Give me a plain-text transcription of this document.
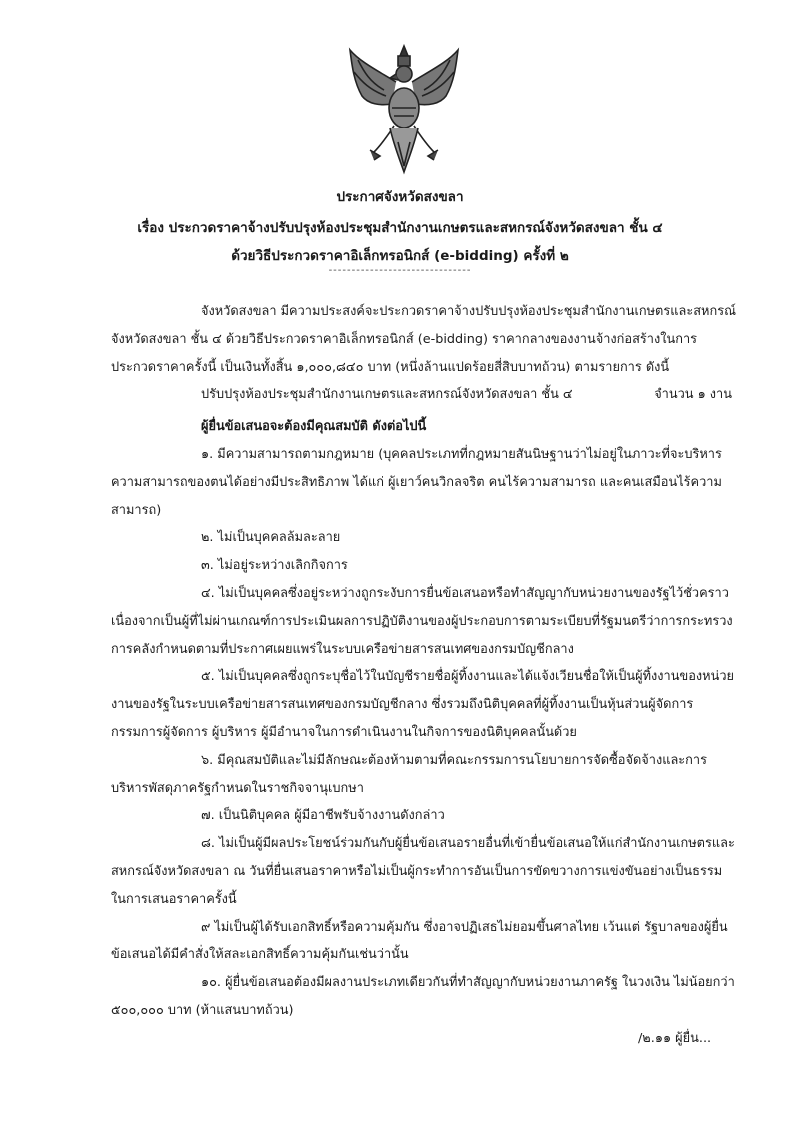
ประกาศจังหวัดสงขลา
เรื่อง ประกวดราคาจ้างปรับปรุงห้องประชุมสำนักงานเกษตรและสหกรณ์จังหวัดสงขลา ชั้น ๔
ด้วยวิธีประกวดราคาอิเล็กทรอนิกส์ (e-bidding) ครั้งที่ ๒
-------------------------------

จังหวัดสงขลา มีความประสงค์จะประกวดราคาจ้างปรับปรุงห้องประชุมสำนักงานเกษตรและสหกรณ์จังหวัดสงขลา ชั้น ๔ ด้วยวิธีประกวดราคาอิเล็กทรอนิกส์ (e-bidding) ราคากลางของงานจ้างก่อสร้างในการประกวดราคาครั้งนี้ เป็นเงินทั้งสิ้น ๑,๐๐๐,๘๔๐ บาท (หนึ่งล้านแปดร้อยสี่สิบบาทถ้วน) ตามรายการ ดังนี้

ปรับปรุงห้องประชุมสำนักงานเกษตรและสหกรณ์จังหวัดสงขลา ชั้น ๔	จำนวน ๑ งาน

ผู้ยื่นข้อเสนอจะต้องมีคุณสมบัติ ดังต่อไปนี้

๑. มีความสามารถตามกฎหมาย (บุคคลประเภทที่กฎหมายสันนิษฐานว่าไม่อยู่ในภาวะที่จะบริหารความสามารถของตนได้อย่างมีประสิทธิภาพ ได้แก่ ผู้เยาว์คนวิกลจริต คนไร้ความสามารถ และคนเสมือนไร้ความสามารถ)

๒. ไม่เป็นบุคคลล้มละลาย

๓. ไม่อยู่ระหว่างเลิกกิจการ

๔. ไม่เป็นบุคคลซึ่งอยู่ระหว่างถูกระงับการยื่นข้อเสนอหรือทำสัญญากับหน่วยงานของรัฐไว้ชั่วคราว เนื่องจากเป็นผู้ที่ไม่ผ่านเกณฑ์การประเมินผลการปฏิบัติงานของผู้ประกอบการตามระเบียบที่รัฐมนตรีว่าการกระทรวงการคลังกำหนดตามที่ประกาศเผยแพร่ในระบบเครือข่ายสารสนเทศของกรมบัญชีกลาง

๕. ไม่เป็นบุคคลซึ่งถูกระบุชื่อไว้ในบัญชีรายชื่อผู้ทิ้งงานและได้แจ้งเวียนชื่อให้เป็นผู้ทิ้งงานของหน่วยงานของรัฐในระบบเครือข่ายสารสนเทศของกรมบัญชีกลาง ซึ่งรวมถึงนิติบุคคลที่ผู้ทิ้งงานเป็นหุ้นส่วนผู้จัดการ กรรมการผู้จัดการ ผู้บริหาร ผู้มีอำนาจในการดำเนินงานในกิจการของนิติบุคคลนั้นด้วย

๖. มีคุณสมบัติและไม่มีลักษณะต้องห้ามตามที่คณะกรรมการนโยบายการจัดซื้อจัดจ้างและการบริหารพัสดุภาครัฐกำหนดในราชกิจจานุเบกษา

๗. เป็นนิติบุคคล ผู้มีอาชีพรับจ้างงานดังกล่าว

๘. ไม่เป็นผู้มีผลประโยชน์ร่วมกันกับผู้ยื่นข้อเสนอรายอื่นที่เข้ายื่นข้อเสนอให้แก่สำนักงานเกษตรและสหกรณ์จังหวัดสงขลา ณ วันที่ยื่นเสนอราคาหรือไม่เป็นผู้กระทำการอันเป็นการขัดขวางการแข่งขันอย่างเป็นธรรมในการเสนอราคาครั้งนี้

๙ ไม่เป็นผู้ได้รับเอกสิทธิ์หรือความคุ้มกัน ซึ่งอาจปฏิเสธไม่ยอมขึ้นศาลไทย เว้นแต่ รัฐบาลของผู้ยื่นข้อเสนอได้มีคำสั่งให้สละเอกสิทธิ์ความคุ้มกันเช่นว่านั้น

๑๐. ผู้ยื่นข้อเสนอต้องมีผลงานประเภทเดียวกันที่ทำสัญญากับหน่วยงานภาครัฐ ในวงเงิน ไม่น้อยกว่า ๕๐๐,๐๐๐ บาท (ห้าแสนบาทถ้วน)

/๒.๑๑ ผู้ยื่น...
